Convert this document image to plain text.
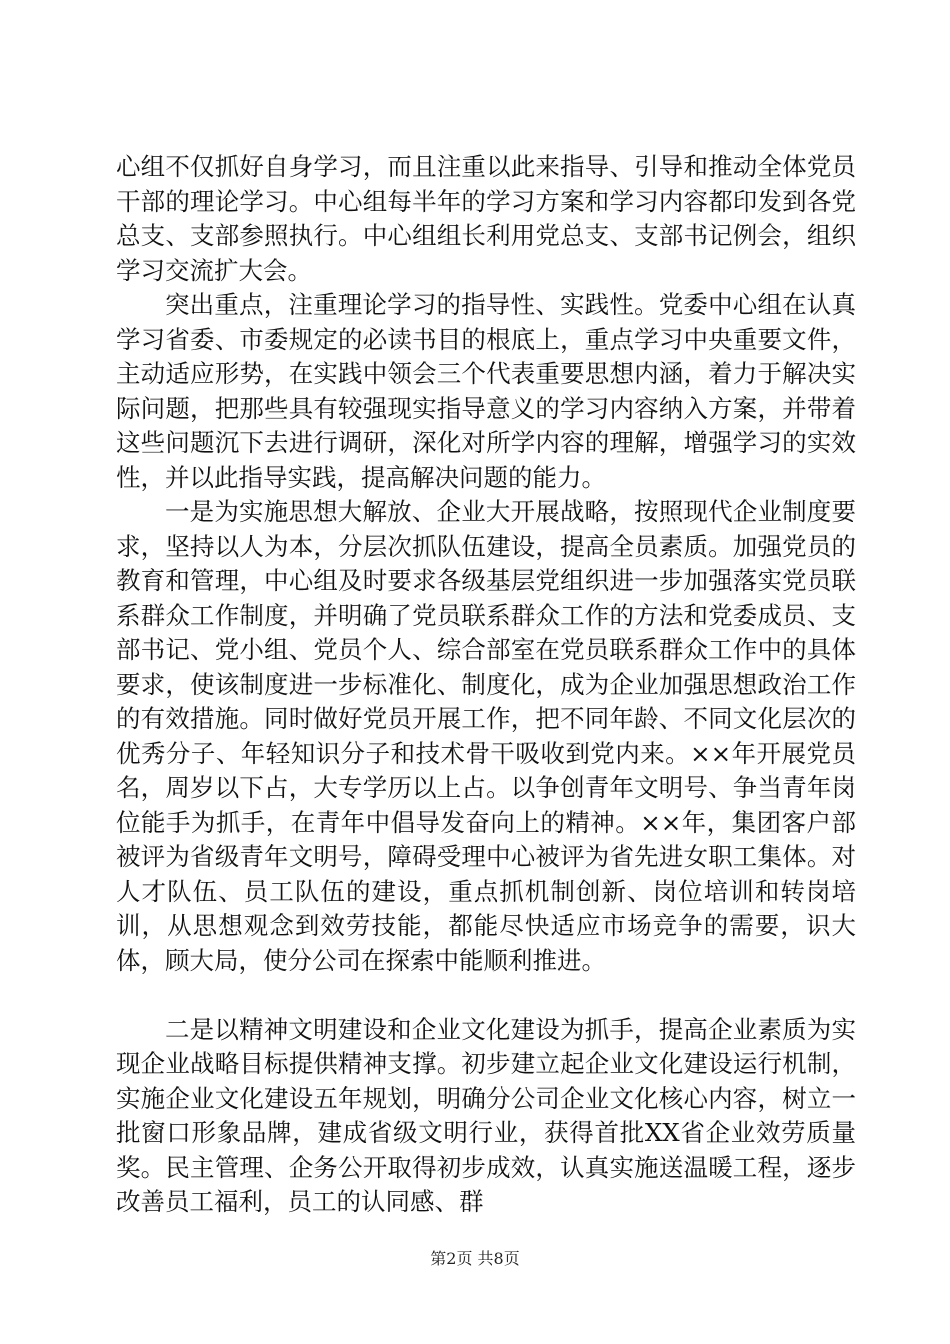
心组不仅抓好自身学习，而且注重以此来指导、引导和推动全体党员干部的理论学习。中心组每半年的学习方案和学习内容都印发到各党总支、支部参照执行。中心组组长利用党总支、支部书记例会，组织学习交流扩大会。

突出重点，注重理论学习的指导性、实践性。党委中心组在认真学习省委、市委规定的必读书目的根底上，重点学习中央重要文件，主动适应形势，在实践中领会三个代表重要思想内涵，着力于解决实际问题，把那些具有较强现实指导意义的学习内容纳入方案，并带着这些问题沉下去进行调研，深化对所学内容的理解，增强学习的实效性，并以此指导实践，提高解决问题的能力。

一是为实施思想大解放、企业大开展战略，按照现代企业制度要求，坚持以人为本，分层次抓队伍建设，提高全员素质。加强党员的教育和管理，中心组及时要求各级基层党组织进一步加强落实党员联系群众工作制度，并明确了党员联系群众工作的方法和党委成员、支部书记、党小组、党员个人、综合部室在党员联系群众工作中的具体要求，使该制度进一步标准化、制度化，成为企业加强思想政治工作的有效措施。同时做好党员开展工作，把不同年龄、不同文化层次的优秀分子、年轻知识分子和技术骨干吸收到党内来。××年开展党员名，周岁以下占，大专学历以上占。以争创青年文明号、争当青年岗位能手为抓手，在青年中倡导发奋向上的精神。××年，集团客户部被评为省级青年文明号，障碍受理中心被评为省先进女职工集体。对人才队伍、员工队伍的建设，重点抓机制创新、岗位培训和转岗培训，从思想观念到效劳技能，都能尽快适应市场竞争的需要，识大体，顾大局，使分公司在探索中能顺利推进。

二是以精神文明建设和企业文化建设为抓手，提高企业素质为实现企业战略目标提供精神支撑。初步建立起企业文化建设运行机制，实施企业文化建设五年规划，明确分公司企业文化核心内容，树立一批窗口形象品牌，建成省级文明行业，获得首批XX省企业效劳质量奖。民主管理、企务公开取得初步成效，认真实施送温暖工程，逐步改善员工福利，员工的认同感、群

第2页 共8页
